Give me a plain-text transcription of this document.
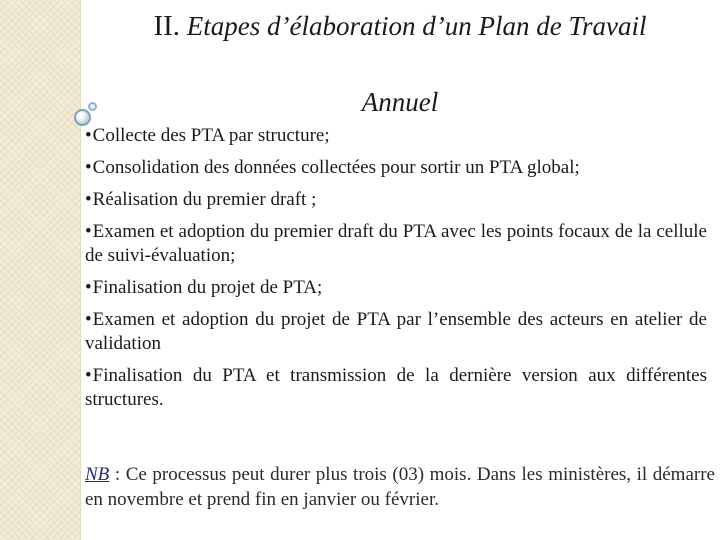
II. Etapes d’élaboration d’un Plan de Travail
Annuel

•Collecte des PTA par structure;

•Consolidation des données collectées pour sortir un PTA global;

•Réalisation du premier draft ;

•Examen et adoption du premier draft du PTA avec les points focaux de la cellule de suivi-évaluation;

•Finalisation du projet de PTA;

•Examen et adoption du projet de PTA par l’ensemble des acteurs en atelier de validation

•Finalisation du PTA et transmission de la dernière version aux différentes structures.

NB : Ce processus peut durer plus trois (03) mois. Dans les ministères, il démarre en novembre et prend fin en janvier ou février.
